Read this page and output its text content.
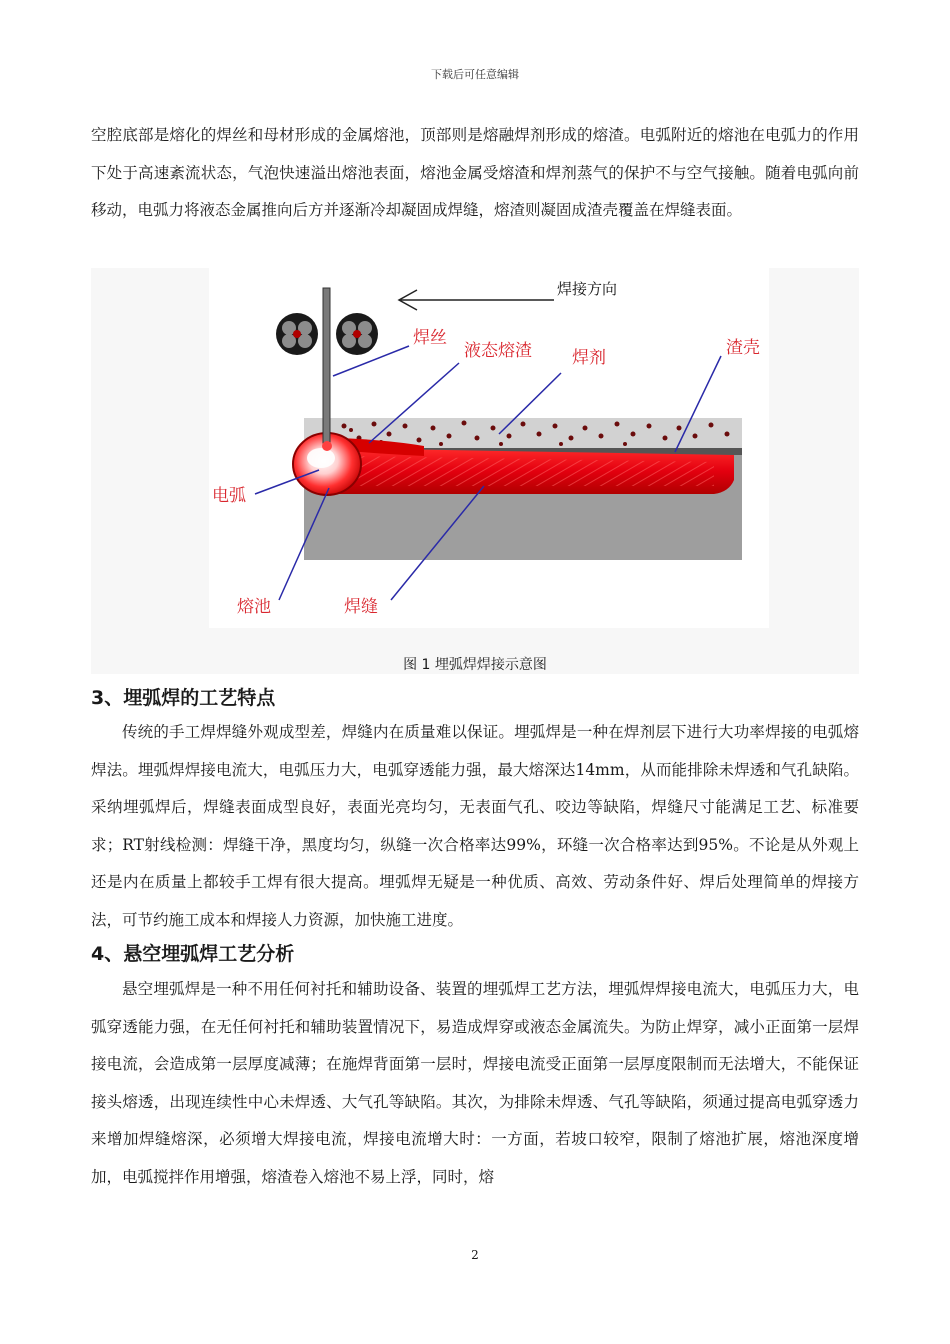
下载后可任意编辑

空腔底部是熔化的焊丝和母材形成的金属熔池，顶部则是熔融焊剂形成的熔渣。电弧附近的熔池在电弧力的作用下处于高速紊流状态，气泡快速溢出熔池表面，熔池金属受熔渣和焊剂蒸气的保护不与空气接触。随着电弧向前移动，电弧力将液态金属推向后方并逐渐冷却凝固成焊缝，熔渣则凝固成渣壳覆盖在焊缝表面。

焊接方向
焊丝
液态熔渣 焊剂	渣壳
电弧
熔池	焊缝
图 1 埋弧焊焊接示意图
3、埋弧焊的工艺特点

传统的手工焊焊缝外观成型差，焊缝内在质量难以保证。埋弧焊是一种在焊剂层下进行大功率焊接的电弧熔焊法。埋弧焊焊接电流大，电弧压力大，电弧穿透能力强，最大熔深达14mm，从而能排除未焊透和气孔缺陷。采纳埋弧焊后，焊缝表面成型良好，表面光亮均匀，无表面气孔、咬边等缺陷，焊缝尺寸能满足工艺、标准要求；RT射线检测：焊缝干净，黑度均匀，纵缝一次合格率达99%，环缝一次合格率达到95%。不论是从外观上还是内在质量上都较手工焊有很大提高。埋弧焊无疑是一种优质、高效、劳动条件好、焊后处理简单的焊接方法，可节约施工成本和焊接人力资源，加快施工进度。

4、悬空埋弧焊工艺分析

悬空埋弧焊是一种不用任何衬托和辅助设备、装置的埋弧焊工艺方法，埋弧焊焊接电流大，电弧压力大，电弧穿透能力强，在无任何衬托和辅助装置情况下，易造成焊穿或液态金属流失。为防止焊穿，减小正面第一层焊接电流，会造成第一层厚度减薄；在施焊背面第一层时，焊接电流受正面第一层厚度限制而无法增大，不能保证接头熔透，出现连续性中心未焊透、大气孔等缺陷。其次，为排除未焊透、气孔等缺陷，须通过提高电弧穿透力来增加焊缝熔深，必须增大焊接电流，焊接电流增大时：一方面，若坡口较窄，限制了熔池扩展，熔池深度增加，电弧搅拌作用增强，熔渣卷入熔池不易上浮，同时，熔

2
